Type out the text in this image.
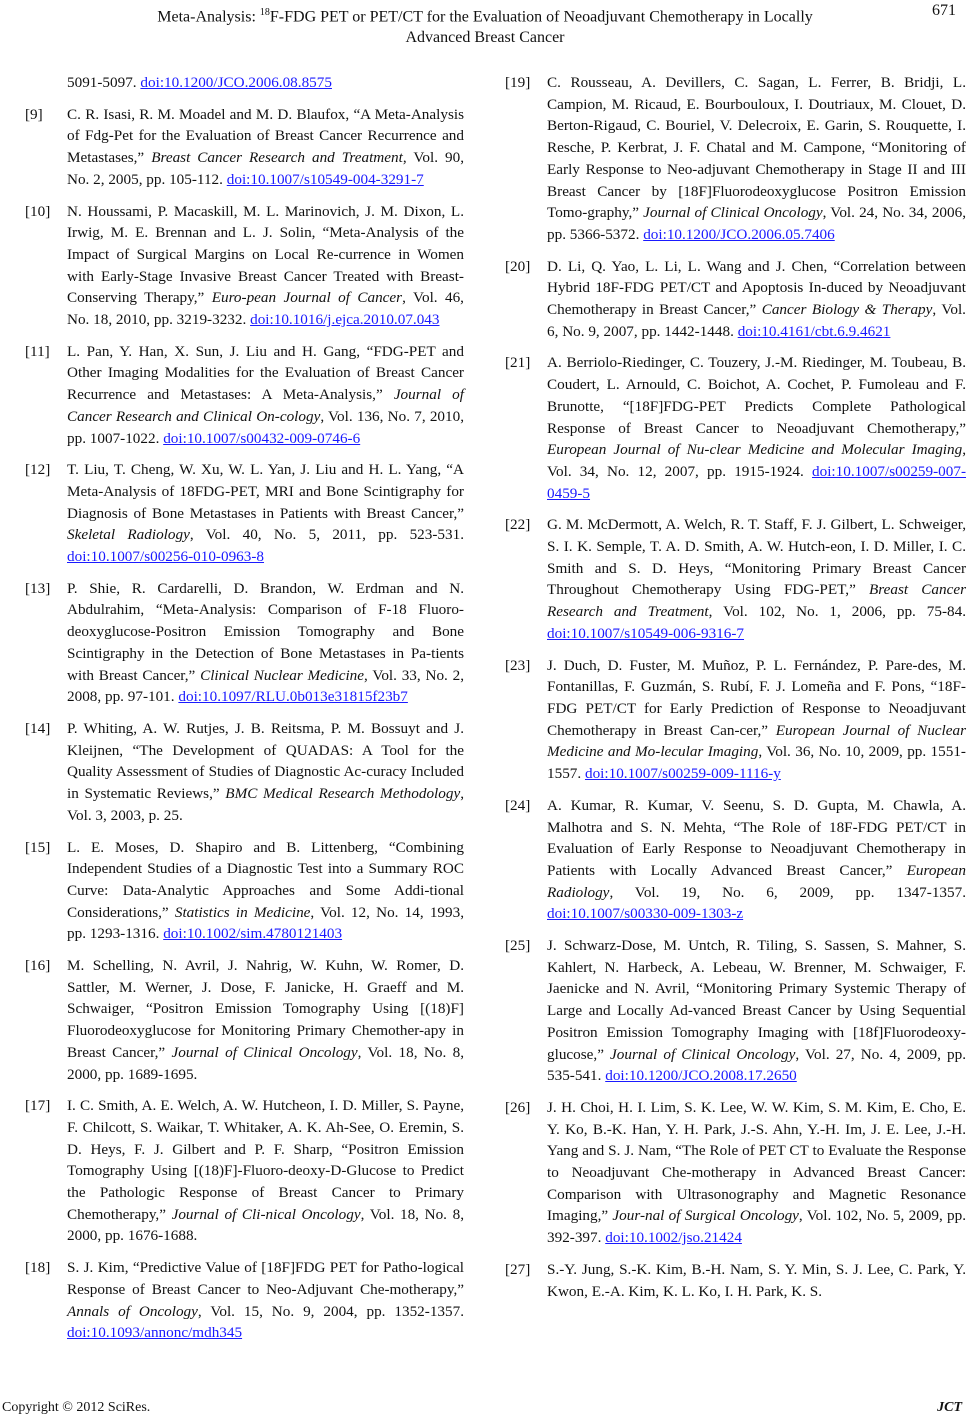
Meta-Analysis: $^{18}$F-FDG PET or PET/CT for the Evaluation of Neoadjuvant Chemotherapy in Locally
Advanced Breast Cancer
671
5091-5097. doi:10.1200/JCO.2006.08.8575
[9] C. R. Isasi, R. M. Moadel and M. D. Blaufox, “A Meta-Analysis of Fdg-Pet for the Evaluation of Breast Cancer Recurrence and Metastases,” Breast Cancer Research and Treatment, Vol. 90, No. 2, 2005, pp. 105-112. doi:10.1007/s10549-004-3291-7
[10] N. Houssami, P. Macaskill, M. L. Marinovich, J. M. Dixon, L. Irwig, M. E. Brennan and L. J. Solin, “Meta-Analysis of the Impact of Surgical Margins on Local Re-currence in Women with Early-Stage Invasive Breast Cancer Treated with Breast-Conserving Therapy,” Euro-pean Journal of Cancer, Vol. 46, No. 18, 2010, pp. 3219-3232. doi:10.1016/j.ejca.2010.07.043
[11] L. Pan, Y. Han, X. Sun, J. Liu and H. Gang, “FDG-PET and Other Imaging Modalities for the Evaluation of Breast Cancer Recurrence and Metastases: A Meta-Analysis,” Journal of Cancer Research and Clinical On-cology, Vol. 136, No. 7, 2010, pp. 1007-1022. doi:10.1007/s00432-009-0746-6
[12] T. Liu, T. Cheng, W. Xu, W. L. Yan, J. Liu and H. L. Yang, “A Meta-Analysis of 18FDG-PET, MRI and Bone Scintigraphy for Diagnosis of Bone Metastases in Patients with Breast Cancer,” Skeletal Radiology, Vol. 40, No. 5, 2011, pp. 523-531. doi:10.1007/s00256-010-0963-8
[13] P. Shie, R. Cardarelli, D. Brandon, W. Erdman and N. Abdulrahim, “Meta-Analysis: Comparison of F-18 Fluoro-deoxyglucose-Positron Emission Tomography and Bone Scintigraphy in the Detection of Bone Metastases in Pa-tients with Breast Cancer,” Clinical Nuclear Medicine, Vol. 33, No. 2, 2008, pp. 97-101. doi:10.1097/RLU.0b013e31815f23b7
[14] P. Whiting, A. W. Rutjes, J. B. Reitsma, P. M. Bossuyt and J. Kleijnen, “The Development of QUADAS: A Tool for the Quality Assessment of Studies of Diagnostic Ac-curacy Included in Systematic Reviews,” BMC Medical Research Methodology, Vol. 3, 2003, p. 25.
[15] L. E. Moses, D. Shapiro and B. Littenberg, “Combining Independent Studies of a Diagnostic Test into a Summary ROC Curve: Data-Analytic Approaches and Some Addi-tional Considerations,” Statistics in Medicine, Vol. 12, No. 14, 1993, pp. 1293-1316. doi:10.1002/sim.4780121403
[16] M. Schelling, N. Avril, J. Nahrig, W. Kuhn, W. Romer, D. Sattler, M. Werner, J. Dose, F. Janicke, H. Graeff and M. Schwaiger, “Positron Emission Tomography Using [(18)F] Fluorodeoxyglucose for Monitoring Primary Chemother-apy in Breast Cancer,” Journal of Clinical Oncology, Vol. 18, No. 8, 2000, pp. 1689-1695.
[17] I. C. Smith, A. E. Welch, A. W. Hutcheon, I. D. Miller, S. Payne, F. Chilcott, S. Waikar, T. Whitaker, A. K. Ah-See, O. Eremin, S. D. Heys, F. J. Gilbert and P. F. Sharp, “Positron Emission Tomography Using [(18)F]-Fluoro-deoxy-D-Glucose to Predict the Pathologic Response of Breast Cancer to Primary Chemotherapy,” Journal of Cli-nical Oncology, Vol. 18, No. 8, 2000, pp. 1676-1688.
[18] S. J. Kim, “Predictive Value of [18F]FDG PET for Patho-logical Response of Breast Cancer to Neo-Adjuvant Che-motherapy,” Annals of Oncology, Vol. 15, No. 9, 2004, pp. 1352-1357. doi:10.1093/annonc/mdh345
[19] C. Rousseau, A. Devillers, C. Sagan, L. Ferrer, B. Bridji, L. Campion, M. Ricaud, E. Bourbouloux, I. Doutriaux, M. Clouet, D. Berton-Rigaud, C. Bouriel, V. Delecroix, E. Garin, S. Rouquette, I. Resche, P. Kerbrat, J. F. Chatal and M. Campone, “Monitoring of Early Response to Neo-adjuvant Chemotherapy in Stage II and III Breast Cancer by [18F]Fluorodeoxyglucose Positron Emission Tomo-graphy,” Journal of Clinical Oncology, Vol. 24, No. 34, 2006, pp. 5366-5372. doi:10.1200/JCO.2006.05.7406
[20] D. Li, Q. Yao, L. Li, L. Wang and J. Chen, “Correlation between Hybrid 18F-FDG PET/CT and Apoptosis In-duced by Neoadjuvant Chemotherapy in Breast Cancer,” Cancer Biology & Therapy, Vol. 6, No. 9, 2007, pp. 1442-1448. doi:10.4161/cbt.6.9.4621
[21] A. Berriolo-Riedinger, C. Touzery, J.-M. Riedinger, M. Toubeau, B. Coudert, L. Arnould, C. Boichot, A. Cochet, P. Fumoleau and F. Brunotte, “[18F]FDG-PET Predicts Complete Pathological Response of Breast Cancer to Neoadjuvant Chemotherapy,” European Journal of Nu-clear Medicine and Molecular Imaging, Vol. 34, No. 12, 2007, pp. 1915-1924. doi:10.1007/s00259-007-0459-5
[22] G. M. McDermott, A. Welch, R. T. Staff, F. J. Gilbert, L. Schweiger, S. I. K. Semple, T. A. D. Smith, A. W. Hutch-eon, I. D. Miller, I. C. Smith and S. D. Heys, “Monitoring Primary Breast Cancer Throughout Chemotherapy Using FDG-PET,” Breast Cancer Research and Treatment, Vol. 102, No. 1, 2006, pp. 75-84. doi:10.1007/s10549-006-9316-7
[23] J. Duch, D. Fuster, M. Muñoz, P. L. Fernández, P. Pare-des, M. Fontanillas, F. Guzmán, S. Rubí, F. J. Lomeña and F. Pons, “18F-FDG PET/CT for Early Prediction of Response to Neoadjuvant Chemotherapy in Breast Can-cer,” European Journal of Nuclear Medicine and Mo-lecular Imaging, Vol. 36, No. 10, 2009, pp. 1551-1557. doi:10.1007/s00259-009-1116-y
[24] A. Kumar, R. Kumar, V. Seenu, S. D. Gupta, M. Chawla, A. Malhotra and S. N. Mehta, “The Role of 18F-FDG PET/CT in Evaluation of Early Response to Neoadjuvant Chemotherapy in Patients with Locally Advanced Breast Cancer,” European Radiology, Vol. 19, No. 6, 2009, pp. 1347-1357. doi:10.1007/s00330-009-1303-z
[25] J. Schwarz-Dose, M. Untch, R. Tiling, S. Sassen, S. Mahner, S. Kahlert, N. Harbeck, A. Lebeau, W. Brenner, M. Schwaiger, F. Jaenicke and N. Avril, “Monitoring Primary Systemic Therapy of Large and Locally Ad-vanced Breast Cancer by Using Sequential Positron Emission Tomography Imaging with [18f]Fluorodeoxy-glucose,” Journal of Clinical Oncology, Vol. 27, No. 4, 2009, pp. 535-541. doi:10.1200/JCO.2008.17.2650
[26] J. H. Choi, H. I. Lim, S. K. Lee, W. W. Kim, S. M. Kim, E. Cho, E. Y. Ko, B.-K. Han, Y. H. Park, J.-S. Ahn, Y.-H. Im, J. E. Lee, J.-H. Yang and S. J. Nam, “The Role of PET CT to Evaluate the Response to Neoadjuvant Che-motherapy in Advanced Breast Cancer: Comparison with Ultrasonography and Magnetic Resonance Imaging,” Jour-nal of Surgical Oncology, Vol. 102, No. 5, 2009, pp. 392-397. doi:10.1002/jso.21424
[27] S.-Y. Jung, S.-K. Kim, B.-H. Nam, S. Y. Min, S. J. Lee, C. Park, Y. Kwon, E.-A. Kim, K. L. Ko, I. H. Park, K. S.
Copyright © 2012 SciRes.	JCT
